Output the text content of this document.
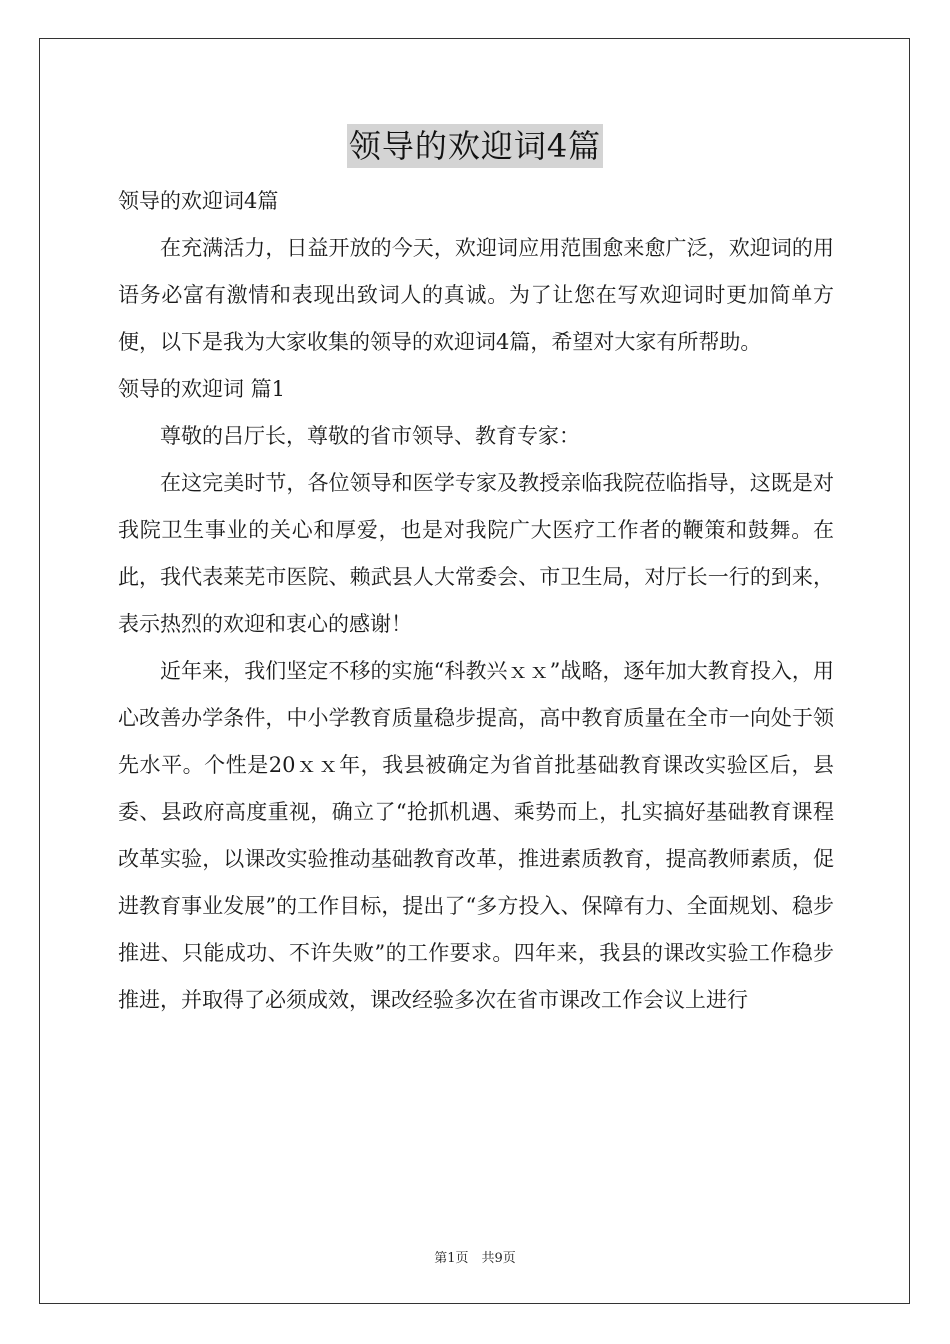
领导的欢迎词4篇

领导的欢迎词4篇

在充满活力，日益开放的今天，欢迎词应用范围愈来愈广泛，欢迎词的用语务必富有激情和表现出致词人的真诚。为了让您在写欢迎词时更加简单方便，以下是我为大家收集的领导的欢迎词4篇，希望对大家有所帮助。

领导的欢迎词 篇1

尊敬的吕厅长，尊敬的省市领导、教育专家：

在这完美时节，各位领导和医学专家及教授亲临我院莅临指导，这既是对我院卫生事业的关心和厚爱，也是对我院广大医疗工作者的鞭策和鼓舞。在此，我代表莱芜市医院、赖武县人大常委会、市卫生局，对厅长一行的到来，表示热烈的欢迎和衷心的感谢！

近年来，我们坚定不移的实施“科教兴ｘｘ”战略，逐年加大教育投入，用心改善办学条件，中小学教育质量稳步提高，高中教育质量在全市一向处于领先水平。个性是20ｘｘ年，我县被确定为省首批基础教育课改实验区后，县委、县政府高度重视，确立了“抢抓机遇、乘势而上，扎实搞好基础教育课程改革实验，以课改实验推动基础教育改革，推进素质教育，提高教师素质，促进教育事业发展”的工作目标，提出了“多方投入、保障有力、全面规划、稳步推进、只能成功、不许失败”的工作要求。四年来，我县的课改实验工作稳步推进，并取得了必须成效，课改经验多次在省市课改工作会议上进行

第1页　共9页
